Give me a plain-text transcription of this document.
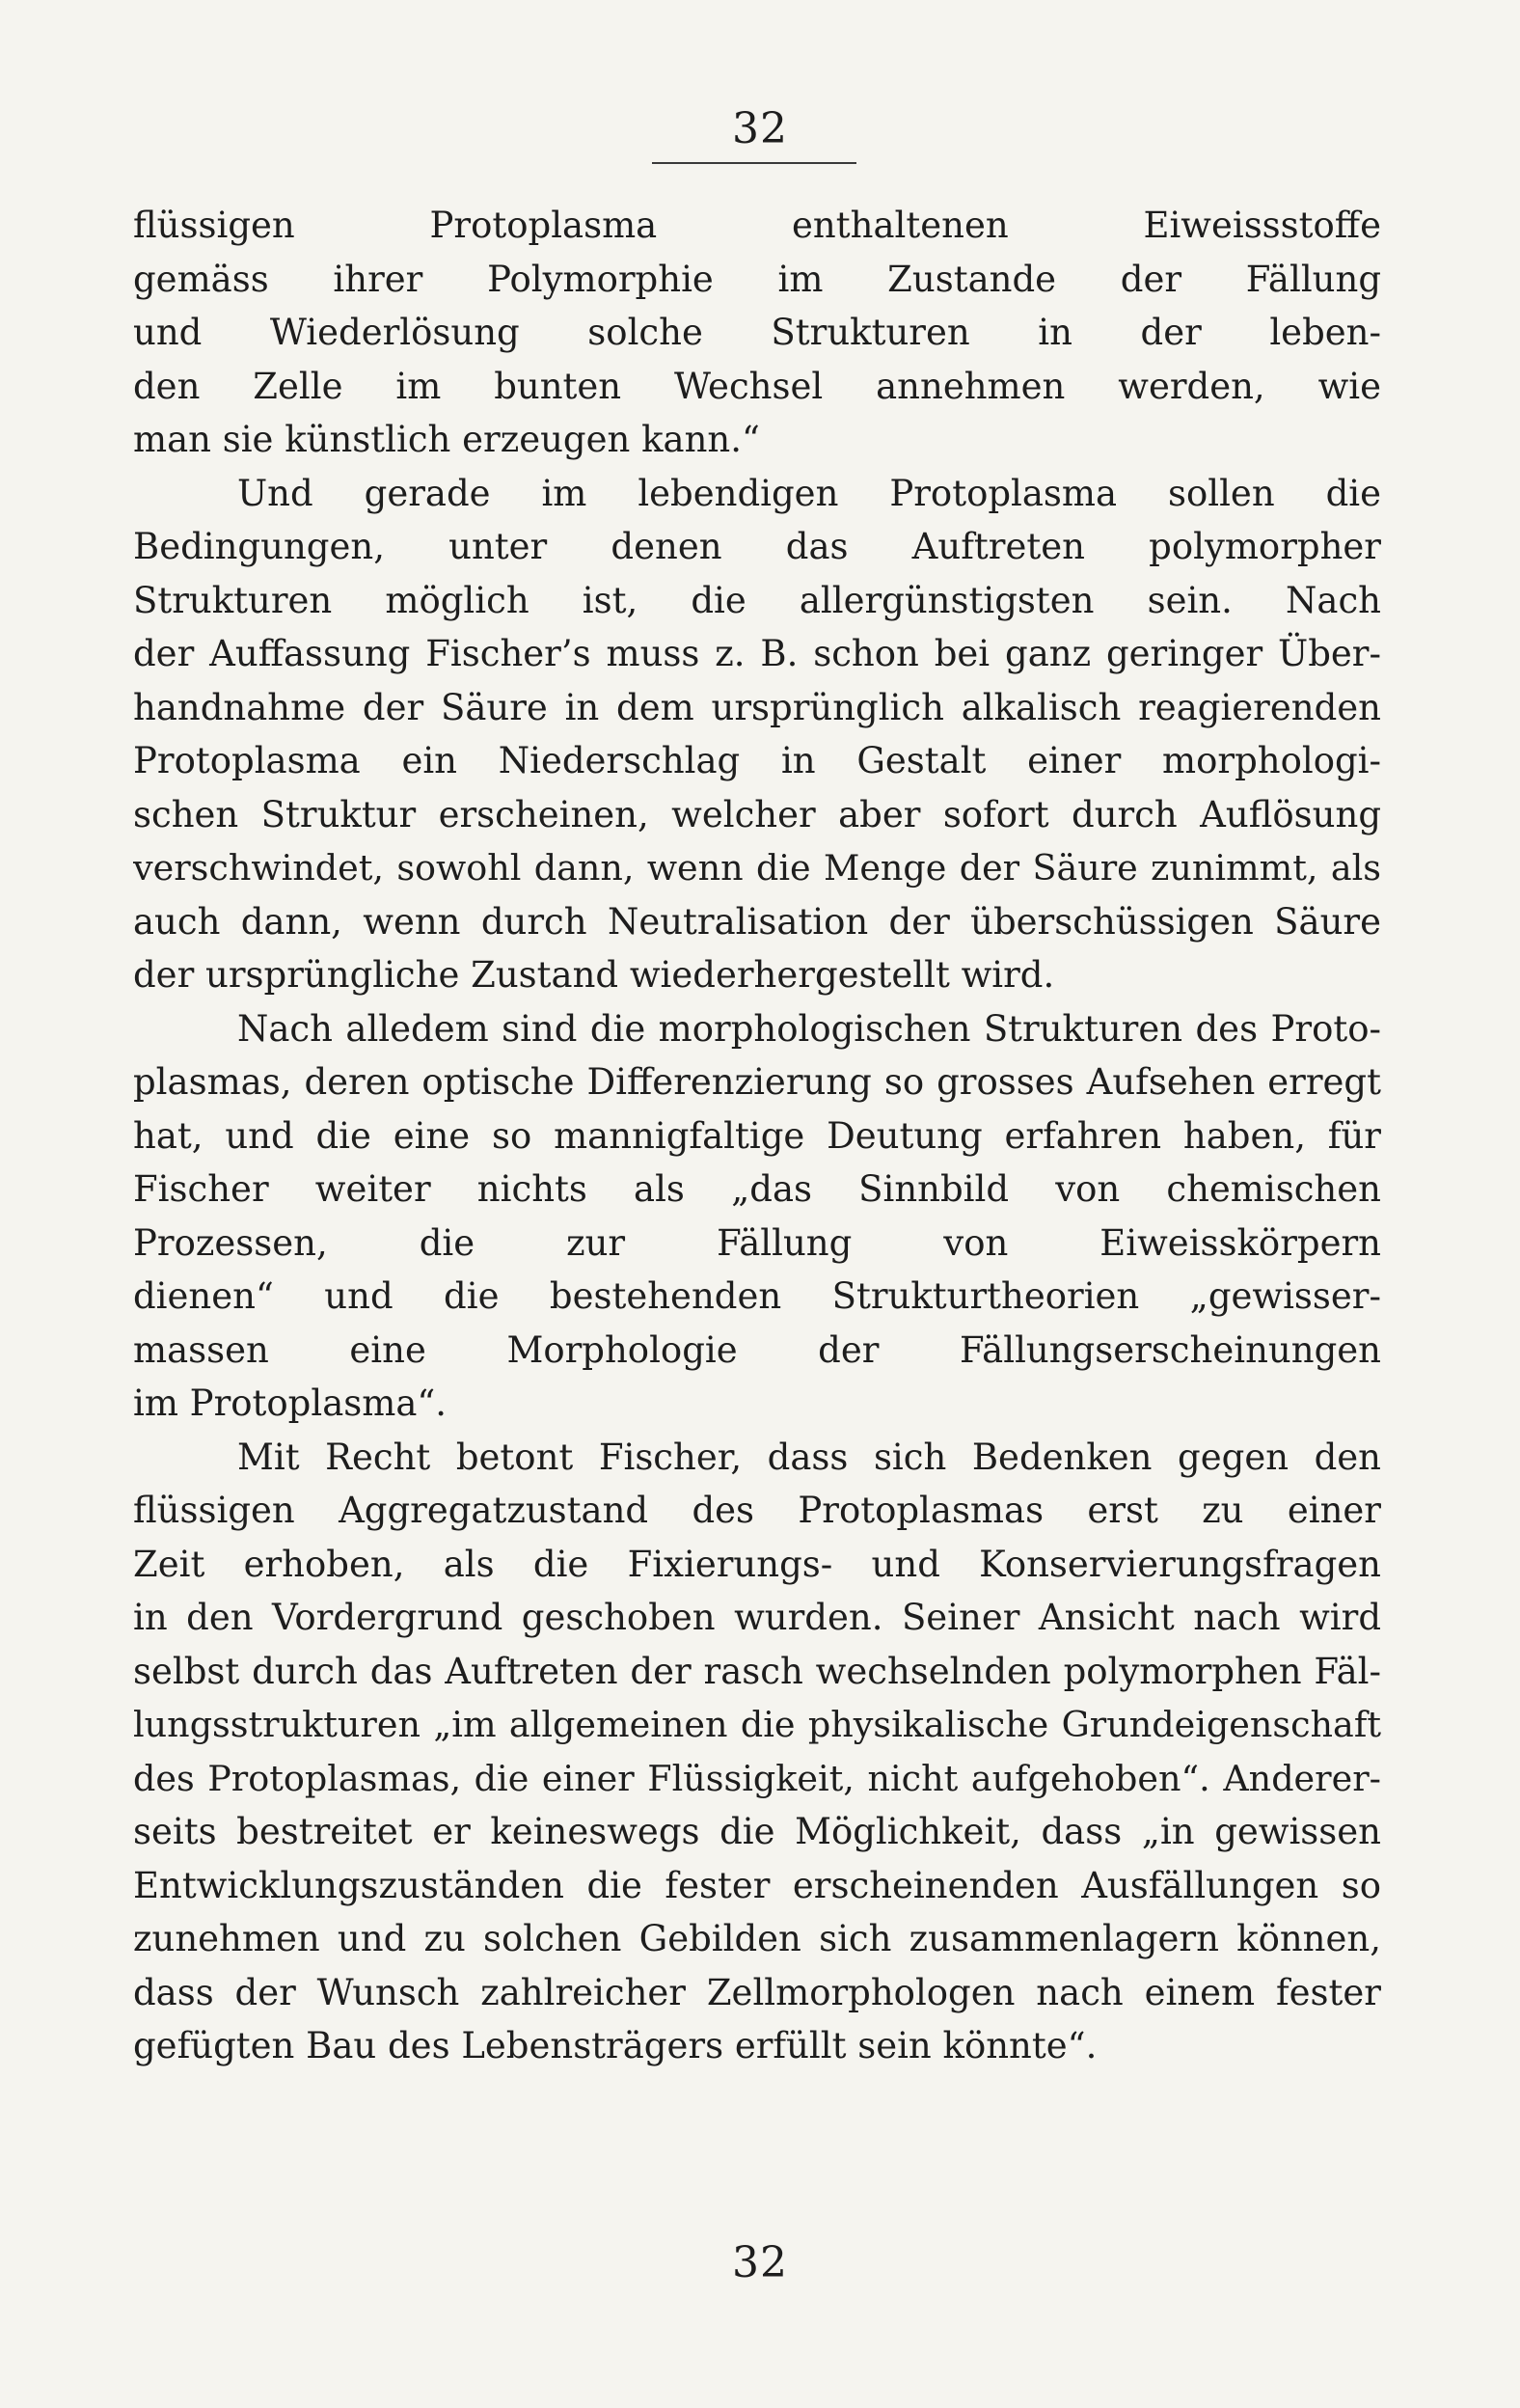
32
flüssigen Protoplasma enthaltenen Eiweissstoffe
gemäss ihrer Polymorphie im Zustande der Fällung
und Wiederlösung solche Strukturen in der leben-
den Zelle im bunten Wechsel annehmen werden, wie
man sie künstlich erzeugen kann.“
Und gerade im lebendigen Protoplasma sollen die
Bedingungen, unter denen das Auftreten polymorpher
Strukturen möglich ist, die allergünstigsten sein. Nach
der Auffassung Fischer’s muss z. B. schon bei ganz geringer Über-
handnahme der Säure in dem ursprünglich alkalisch reagierenden
Protoplasma ein Niederschlag in Gestalt einer morphologi-
schen Struktur erscheinen, welcher aber sofort durch Auflösung
verschwindet, sowohl dann, wenn die Menge der Säure zunimmt, als
auch dann, wenn durch Neutralisation der überschüssigen Säure
der ursprüngliche Zustand wiederhergestellt wird.
Nach alledem sind die morphologischen Strukturen des Proto-
plasmas, deren optische Differenzierung so grosses Aufsehen erregt
hat, und die eine so mannigfaltige Deutung erfahren haben, für
Fischer weiter nichts als „das Sinnbild von chemischen
Prozessen, die zur Fällung von Eiweisskörpern
dienen“ und die bestehenden Strukturtheorien „gewisser-
massen eine Morphologie der Fällungserscheinungen
im Protoplasma“.
Mit Recht betont Fischer, dass sich Bedenken gegen den
flüssigen Aggregatzustand des Protoplasmas erst zu einer
Zeit erhoben, als die Fixierungs- und Konservierungsfragen
in den Vordergrund geschoben wurden. Seiner Ansicht nach wird
selbst durch das Auftreten der rasch wechselnden polymorphen Fäl-
lungsstrukturen „im allgemeinen die physikalische Grundeigenschaft
des Protoplasmas, die einer Flüssigkeit, nicht aufgehoben“. Anderer-
seits bestreitet er keineswegs die Möglichkeit, dass „in gewissen
Entwicklungszuständen die fester erscheinenden Ausfällungen so
zunehmen und zu solchen Gebilden sich zusammenlagern können,
dass der Wunsch zahlreicher Zellmorphologen nach einem fester
gefügten Bau des Lebensträgers erfüllt sein könnte“.
32
